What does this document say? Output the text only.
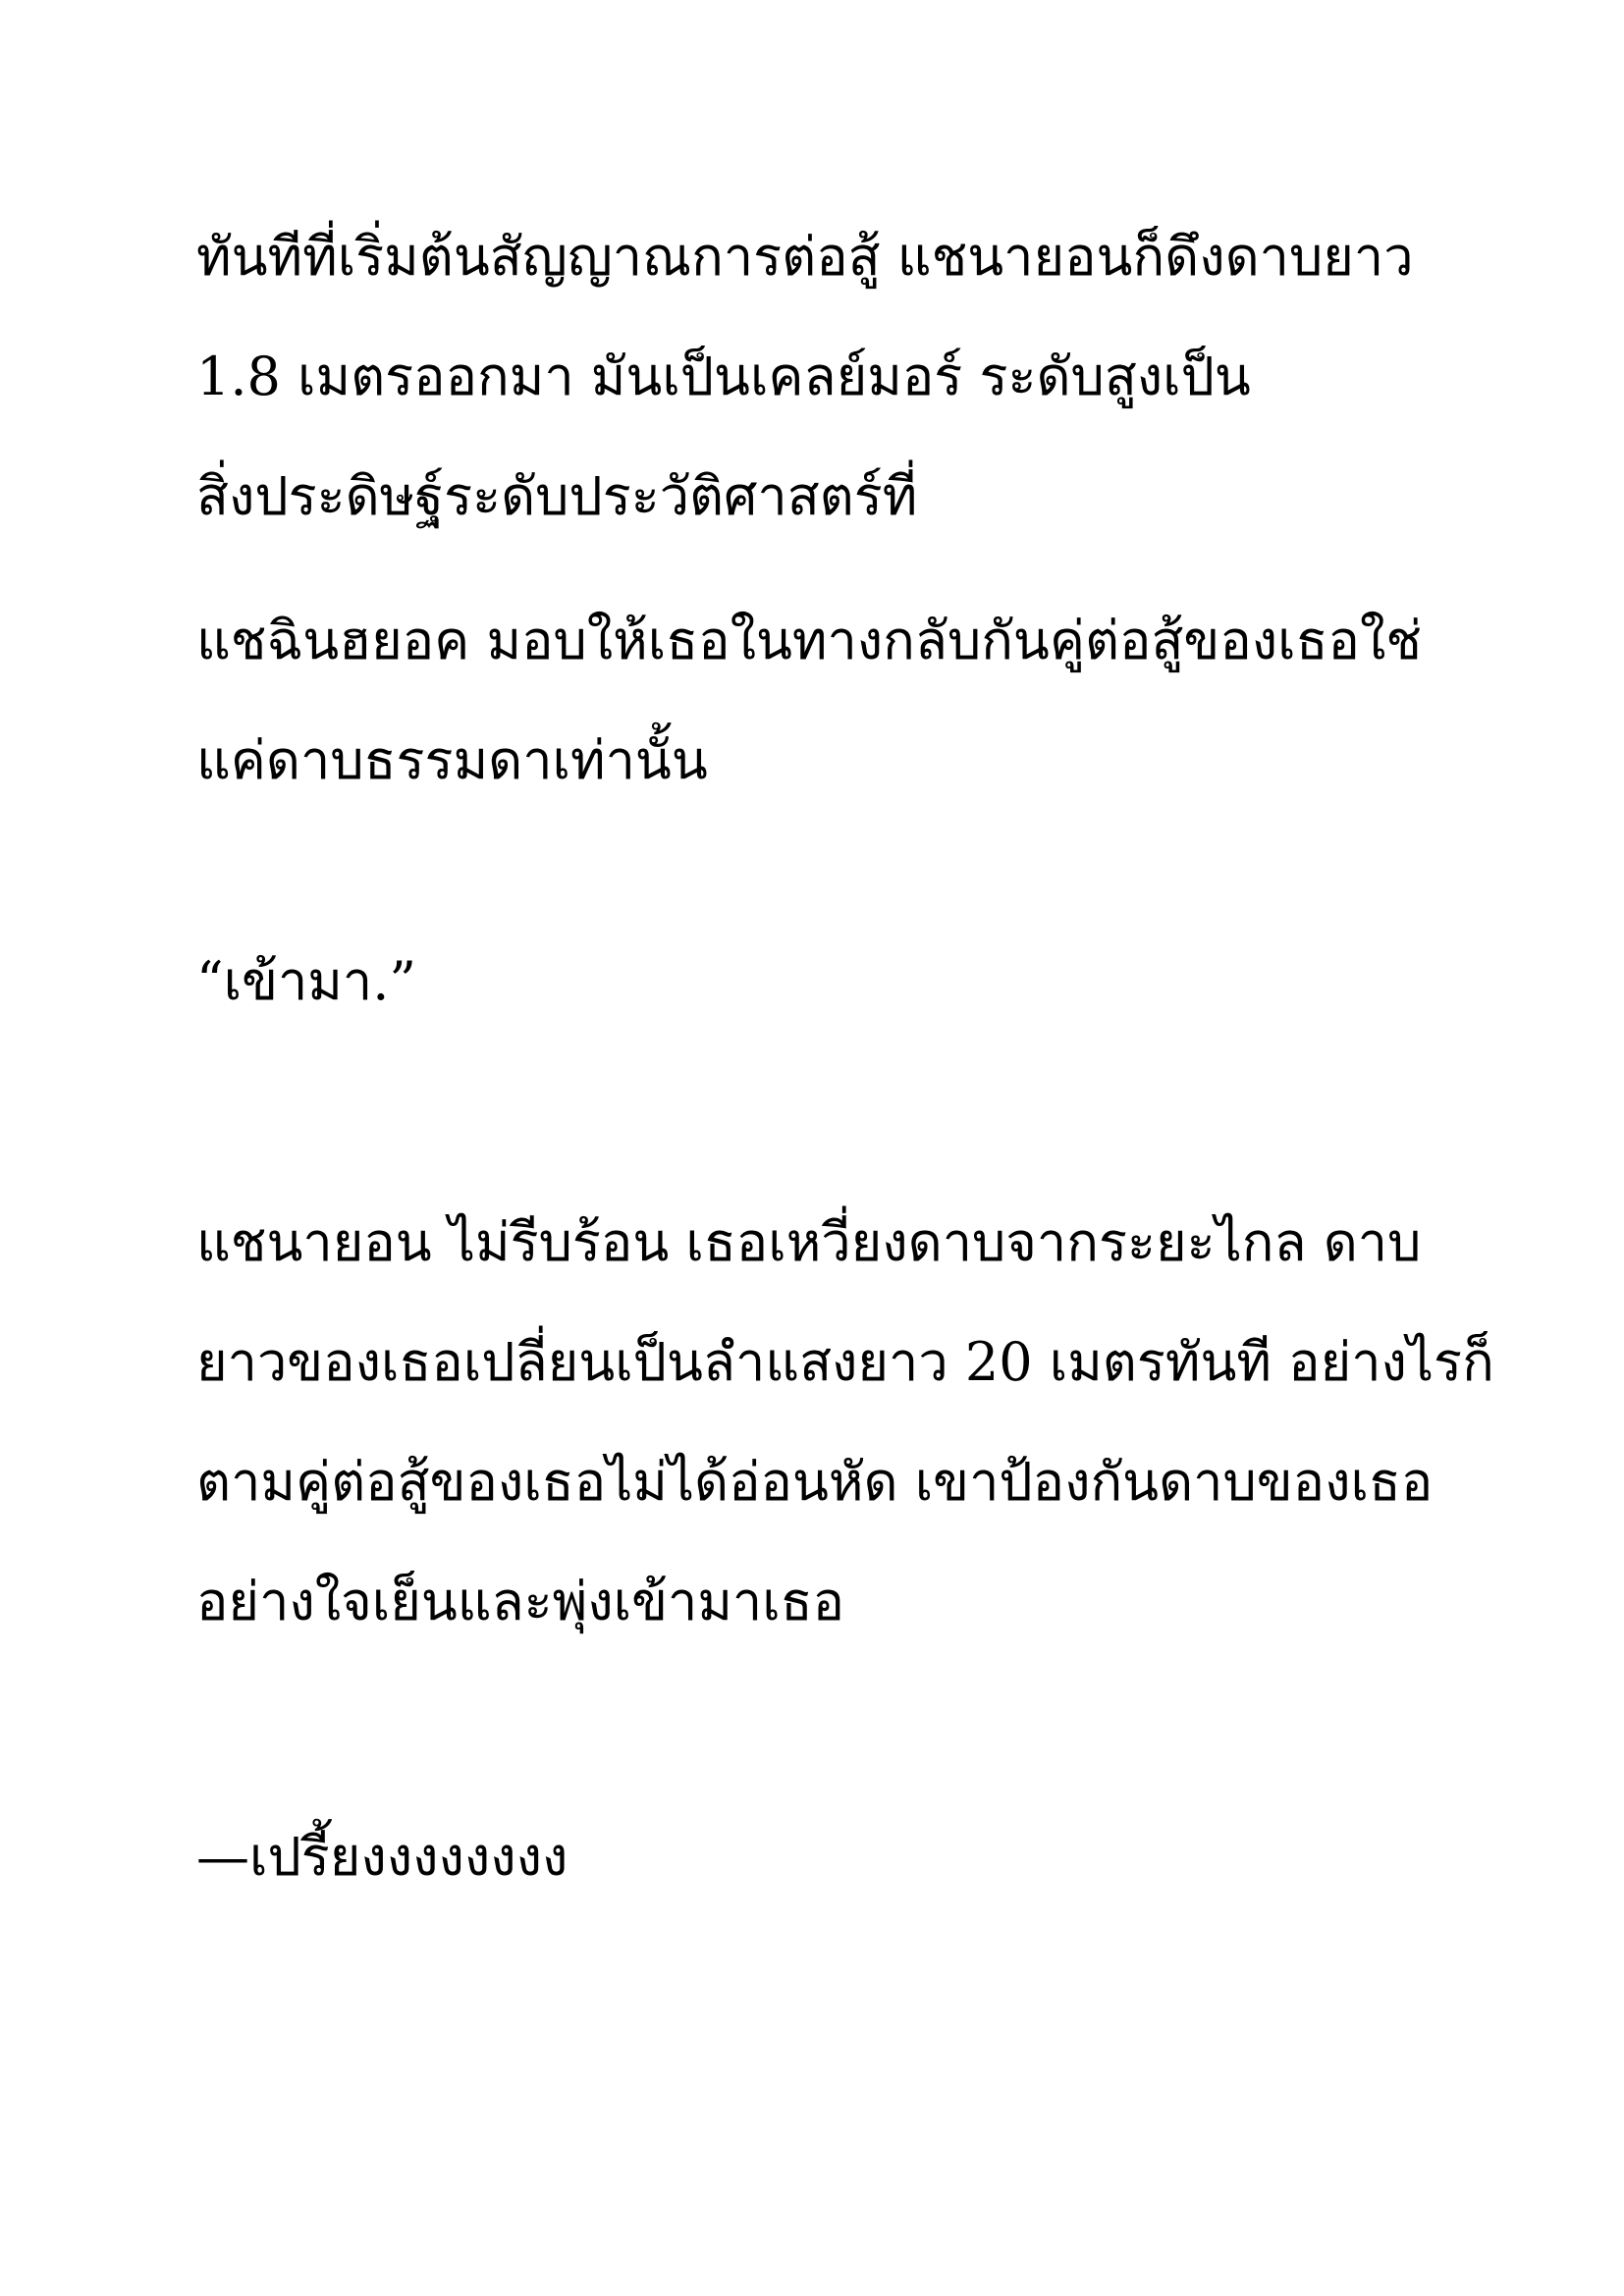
ทันทีที่เริ่มต้นสัญญาณการต่อสู้ แชนายอนก็ดึงดาบยาว

1.8 เมตรออกมา มันเป็นเคลย์มอร์ ระดับสูงเป็น

สิ่งประดิษฐ์ระดับประวัติศาสตร์ที่

แชฉินฮยอค มอบให้เธอในทางกลับกันคู่ต่อสู้ของเธอใช่

แค่ดาบธรรมดาเท่านั้น

“เข้ามา.”

แชนายอน ไม่รีบร้อน เธอเหวี่ยงดาบจากระยะไกล ดาบ

ยาวของเธอเปลี่ยนเป็นลำแสงยาว 20 เมตรทันที อย่างไรก็

ตามคู่ต่อสู้ของเธอไม่ได้อ่อนหัด เขาป้องกันดาบของเธอ

อย่างใจเย็นและพุ่งเข้ามาเธอ

—เปรี้ยงงงงงงงง
